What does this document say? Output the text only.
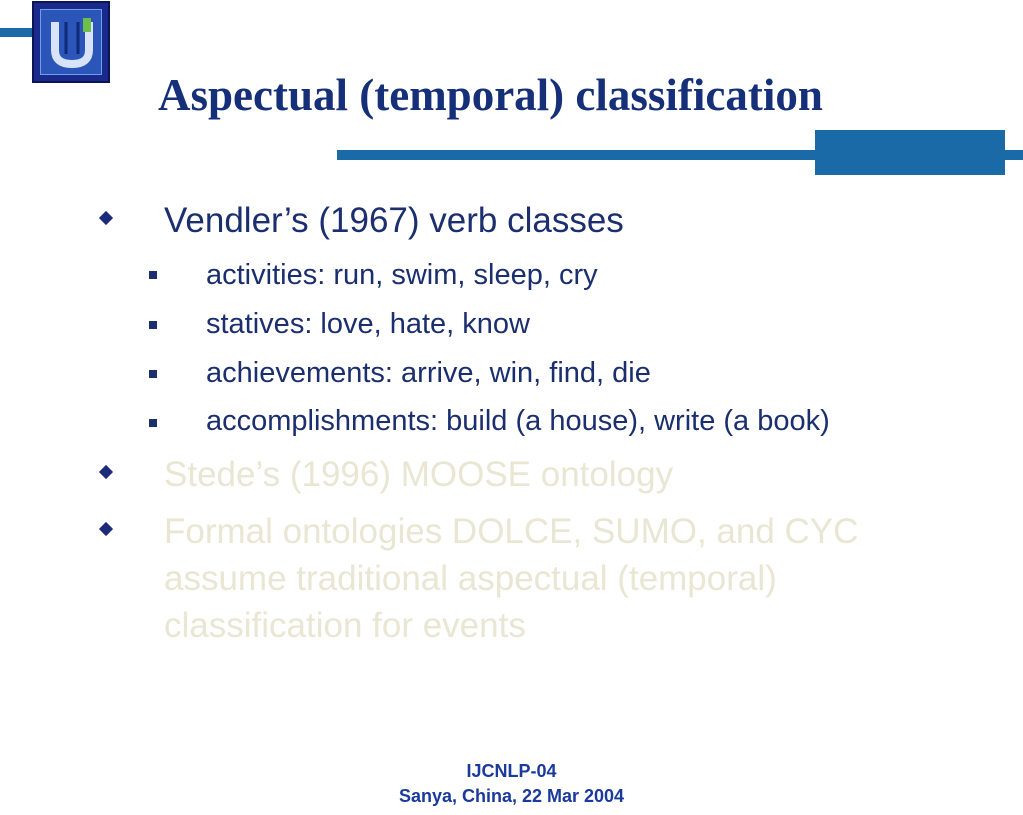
Aspectual (temporal) classification
Vendler’s (1967) verb classes
activities: run, swim, sleep, cry
statives: love, hate, know
achievements: arrive, win, find, die
accomplishments: build (a house), write (a book)
Stede’s (1996) MOOSE ontology
Formal ontologies DOLCE, SUMO, and CYC
assume traditional aspectual (temporal)
classification for events
IJCNLP-04
Sanya, China, 22 Mar 2004
